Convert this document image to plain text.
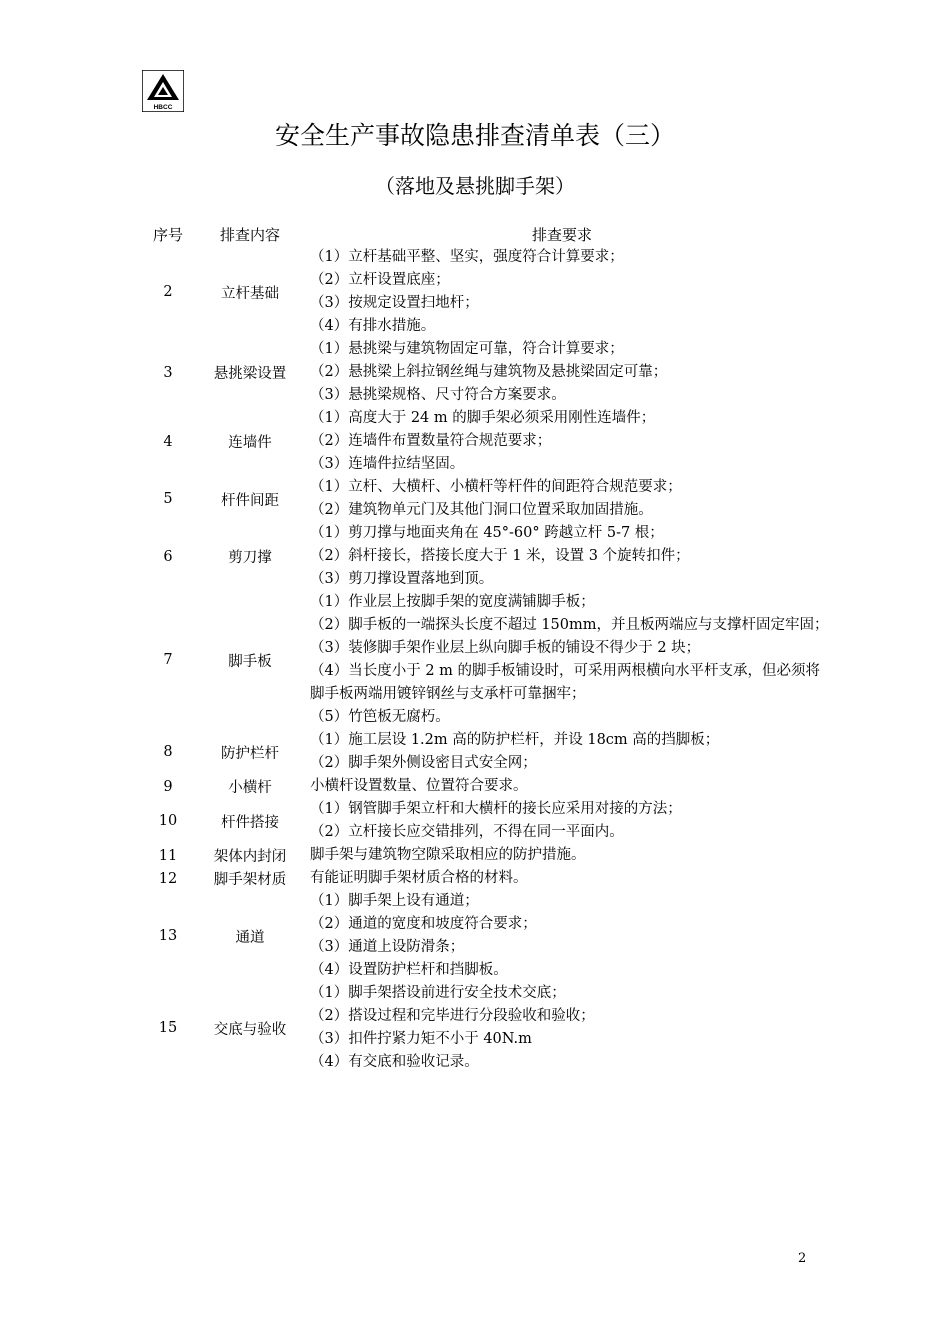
HBCC
安全生产事故隐患排查清单表（三）
（落地及悬挑脚手架）
序号	排查内容	排查要求
2	立杆基础
（1）立杆基础平整、坚实，强度符合计算要求；
（2）立杆设置底座；
（3）按规定设置扫地杆；
（4）有排水措施。
3	悬挑梁设置
（1）悬挑梁与建筑物固定可靠，符合计算要求；
（2）悬挑梁上斜拉钢丝绳与建筑物及悬挑梁固定可靠；
（3）悬挑梁规格、尺寸符合方案要求。
4	连墙件
（1）高度大于 24 m 的脚手架必须采用刚性连墙件；
（2）连墙件布置数量符合规范要求；
（3）连墙件拉结坚固。
5	杆件间距
（1）立杆、大横杆、小横杆等杆件的间距符合规范要求；
（2）建筑物单元门及其他门洞口位置采取加固措施。
6	剪刀撑
（1）剪刀撑与地面夹角在 45°-60° 跨越立杆 5-7 根；
（2）斜杆接长，搭接长度大于 1 米，设置 3 个旋转扣件；
（3）剪刀撑设置落地到顶。
7	脚手板
（1）作业层上按脚手架的宽度满铺脚手板；
（2）脚手板的一端探头长度不超过 150mm，并且板两端应与支撑杆固定牢固；
（3）装修脚手架作业层上纵向脚手板的铺设不得少于 2 块；
（4）当长度小于 2 m 的脚手板铺设时，可采用两根横向水平杆支承，但必须将
脚手板两端用镀锌钢丝与支承杆可靠捆牢；
（5）竹笆板无腐朽。
8	防护栏杆
（1）施工层设 1.2m 高的防护栏杆，并设 18cm 高的挡脚板；
（2）脚手架外侧设密目式安全网；
9	小横杆	小横杆设置数量、位置符合要求。
10	杆件搭接
（1）钢管脚手架立杆和大横杆的接长应采用对接的方法；
（2）立杆接长应交错排列，不得在同一平面内。
11	架体内封闭	脚手架与建筑物空隙采取相应的防护措施。
12	脚手架材质	有能证明脚手架材质合格的材料。
13	通道
（1）脚手架上设有通道；
（2）通道的宽度和坡度符合要求；
（3）通道上设防滑条；
（4）设置防护栏杆和挡脚板。
15	交底与验收
（1）脚手架搭设前进行安全技术交底；
（2）搭设过程和完毕进行分段验收和验收；
（3）扣件拧紧力矩不小于 40N.m
（4）有交底和验收记录。
2
